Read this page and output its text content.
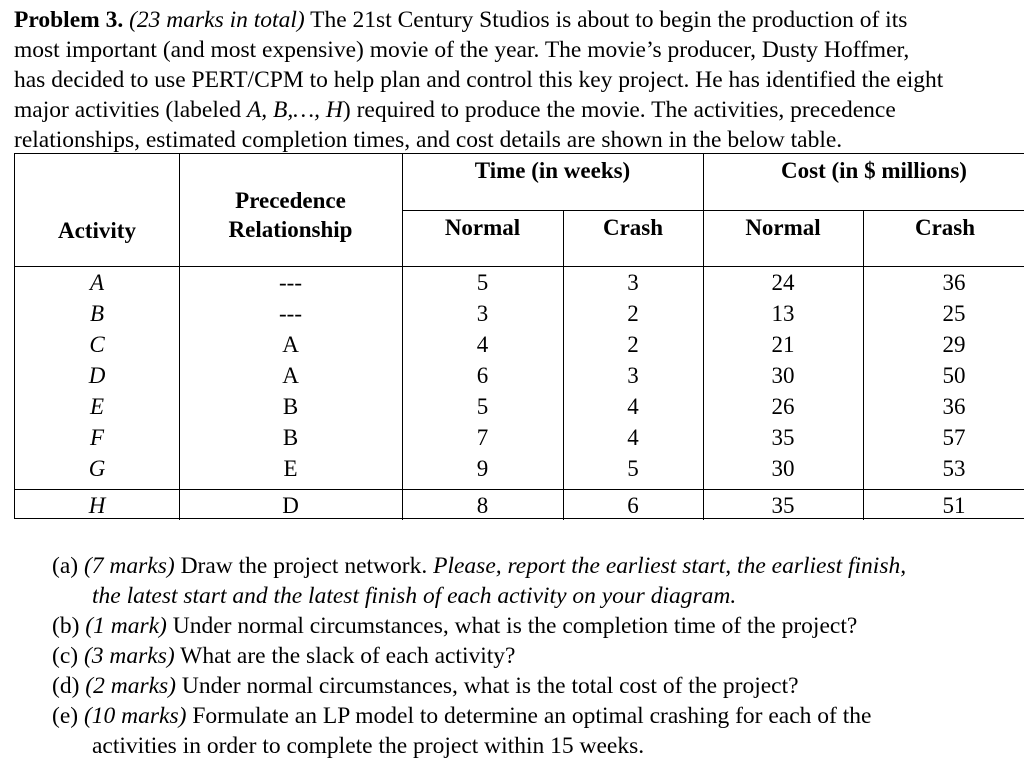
Problem 3. (23 marks in total) The 21st Century Studios is about to begin the production of its
most important (and most expensive) movie of the year. The movie’s producer, Dusty Hoffmer,
has decided to use PERT/CPM to help plan and control this key project. He has identified the eight
major activities (labeled A, B,…, H) required to produce the movie. The activities, precedence
relationships, estimated completion times, and cost details are shown in the below table.
Activity
Precedence
Relationship
Time (in weeks)	Cost (in $ millions)
Normal	Crash	Normal	Crash
A	---	5	3	24	36
B	---	3	2	13	25
C	A	4	2	21	29
D	A	6	3	30	50
E	B	5	4	26	36
F	B	7	4	35	57
G	E	9	5	30	53
H	D	8	6	35	51
(a) (7 marks) Draw the project network. Please, report the earliest start, the earliest finish,
the latest start and the latest finish of each activity on your diagram.
(b) (1 mark) Under normal circumstances, what is the completion time of the project?
(c) (3 marks) What are the slack of each activity?
(d) (2 marks) Under normal circumstances, what is the total cost of the project?
(e) (10 marks) Formulate an LP model to determine an optimal crashing for each of the
activities in order to complete the project within 15 weeks.
